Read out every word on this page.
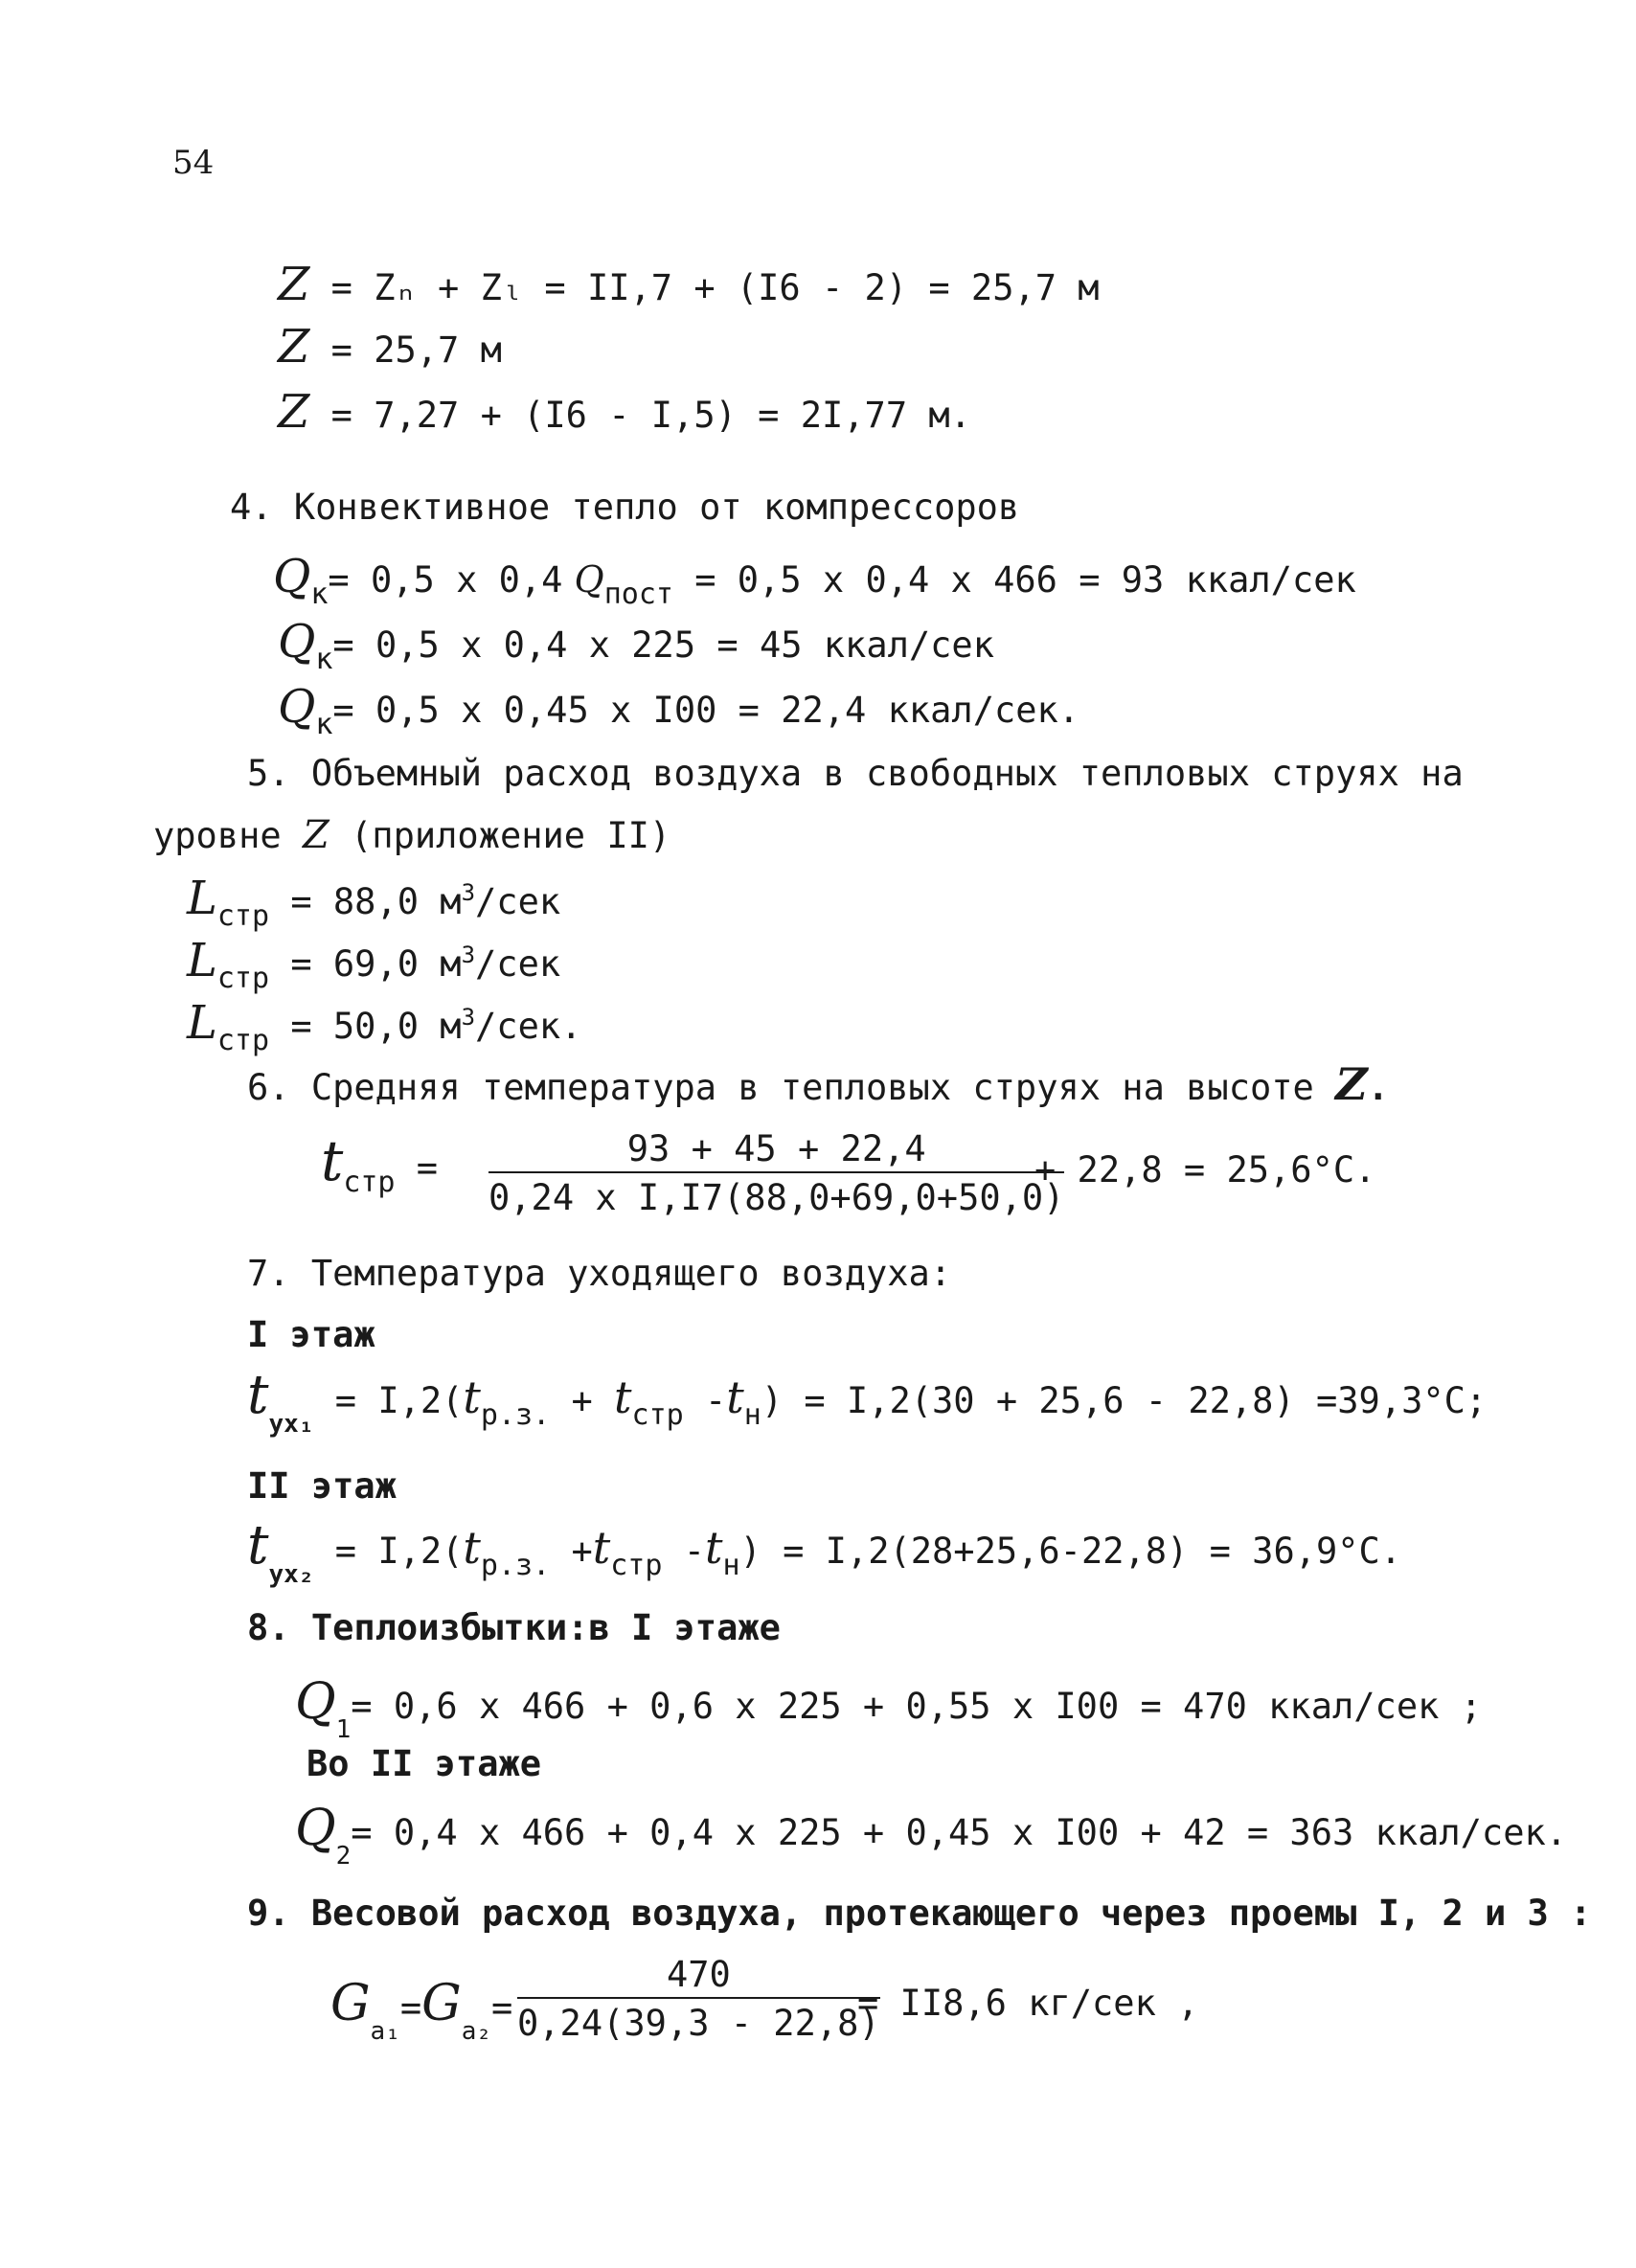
54
Z = Zₙ + Zₗ = II,7 + (I6 - 2) = 25,7 м
Z = 25,7 м
Z = 7,27 + (I6 - I,5) = 2I,77 м.
4. Конвективное тепло от компрессоров
$Q_к= 0,5$ x 0,4 $Q_{пост} = 0,5$ x 0,4 x 466 = 93 ккал/сек
$Q_к= 0,5$ x 0,4 x 225 = 45 ккал/сек
$Q_к= 0,5$ x 0,45 x I00 = 22,4 ккал/сек.
5. Объемный расход воздуха в свободных тепловых струях на
уровне Z (приложение II)
$L_{стр} = 88,0$ $м^3$/сек
$L_{стр} = 69,0$ $м^3$/сек
$L_{стр} = 50,0$ $м^3$/сек.
6. Средняя температура в тепловых струях на высоте Z.
$t_{стр} = \frac{93 + 45 + 22,4}{\text{0,24 x I,I7(88,0+69,0+50,0)}}$
+ 22,8 = 25,6°C.
7. Температура уходящего воздуха:
I этаж
$t_{ух_1} = I,2(t_{р.з.} + t_{стр}$ $-t_н) = I,2(30 + 25,6 - 22,8) =39,3^\circ C$;
II этаж
$t_{ух_2} = I,2(t_{р.з.} +t_{стр}$ $-t_н) = I,2(28+25,6-22,8) = 36,9^\circ C$.
8. Теплоизбытки:в I этаже
$Q_1= 0,6$ x 466 + 0,6 x 225 + 0,55 x I00 = 470 ккал/сек ;
Во II этаже
$Q_2= 0,4$ x 466 + 0,4 x 225 + 0,45 x I00 + 42 = 363 ккал/сек.
9. Весовой расход воздуха, протекающего через проемы I, 2 и 3 :
$G_{a_1}=G_{a_2}= \frac{470}{0,24(39,3 - 22,8)}$
= II8,6 кг/сек ,
